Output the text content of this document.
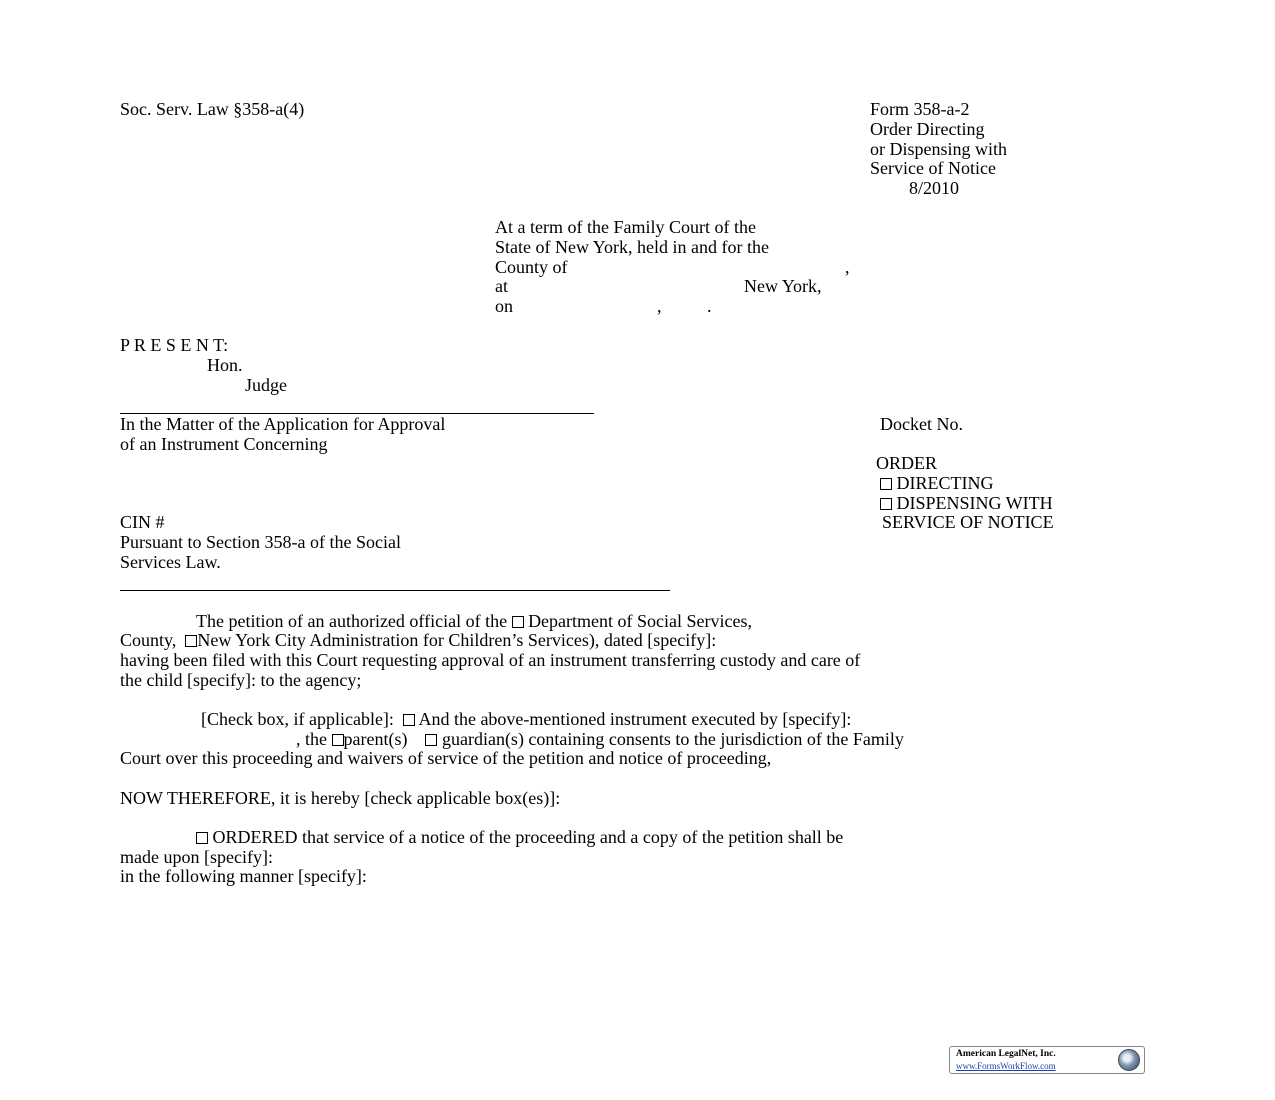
Soc. Serv. Law §358-a(4)	Form 358-a-2

Order Directing

or Dispensing with

Service of Notice

8/2010

At a term of the Family Court of the

State of New York, held in and for the

County of	,

at	New York,

on	,	.

P R E S E N T:

Hon.

Judge

In the Matter of the Application for Approval

of an Instrument Concerning

Docket No.

ORDER

DIRECTING

DISPENSING WITH

SERVICE OF NOTICE

CIN #

Pursuant to Section 358-a of the Social

Services Law.

The petition of an authorized official of the Department of Social Services,

County, New York City Administration for Children’s Services), dated [specify]:

having been filed with this Court requesting approval of an instrument transferring custody and care of

the child [specify]: to the agency;

[Check box, if applicable]: And the above-mentioned instrument executed by [specify]:

, the parent(s) guardian(s) containing consents to the jurisdiction of the Family

Court over this proceeding and waivers of service of the petition and notice of proceeding,

NOW THEREFORE, it is hereby [check applicable box(es)]:

ORDERED that service of a notice of the proceeding and a copy of the petition shall be

made upon [specify]:

in the following manner [specify]:

American LegalNet, Inc.
www.FormsWorkFlow.com
